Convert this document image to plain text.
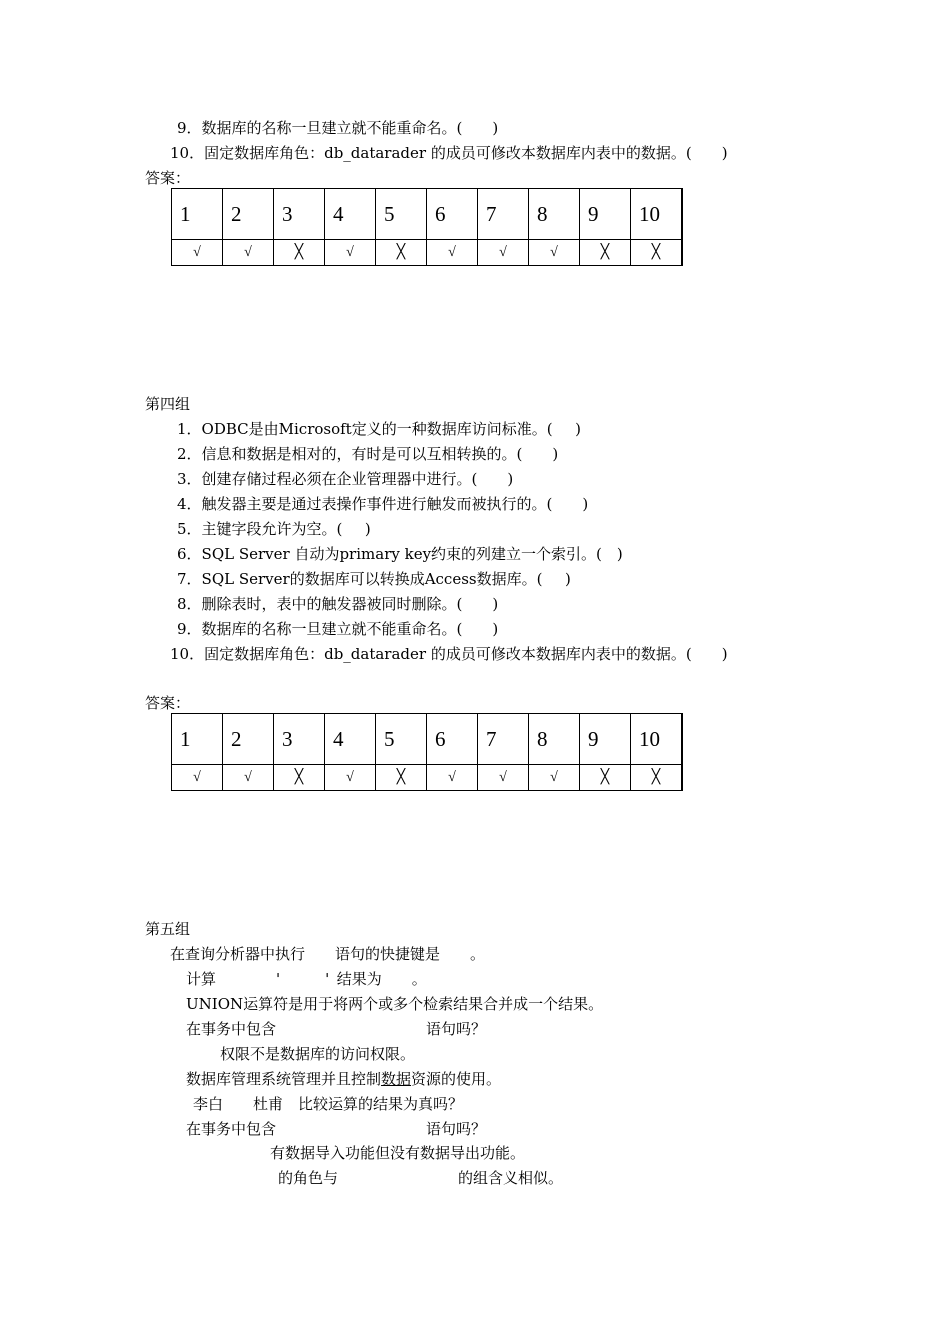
9．数据库的名称一旦建立就不能重命名。(　　)
10．固定数据库角色：db_datarader 的成员可修改本数据库内表中的数据。(　　)
答案：
1	2	3	4	5	6	7	8	9	10
√	√	╳	√	╳	√	√	√	╳	╳
第四组
1．ODBC是由Microsoft定义的一种数据库访问标准。(　 )
2．信息和数据是相对的，有时是可以互相转换的。(　　)
3．创建存储过程必须在企业管理器中进行。(　　)
4．触发器主要是通过表操作事件进行触发而被执行的。(　　)
5．主键字段允许为空。(　 )
6．SQL Server 自动为primary key约束的列建立一个索引。(　)
7．SQL Server的数据库可以转换成Access数据库。(　 )
8．删除表时，表中的触发器被同时删除。(　　)
9．数据库的名称一旦建立就不能重命名。(　　)
10．固定数据库角色：db_datarader 的成员可修改本数据库内表中的数据。(　　)
答案：
1	2	3	4	5	6	7	8	9	10
√	√	╳	√	╳	√	√	√	╳	╳
第五组
在查询分析器中执行　　语句的快捷键是　　。
计算　　　　'　　　' 结果为　　。
UNION运算符是用于将两个或多个检索结果合并成一个结果。
在事务中包含　　　　　　　　　　语句吗？
权限不是数据库的访问权限。
数据库管理系统管理并且控制数据资源的使用。
李白　　杜甫　比较运算的结果为真吗？
在事务中包含　　　　　　　　　　语句吗？
有数据导入功能但没有数据导出功能。
的角色与　　　　　　　　的组含义相似。
